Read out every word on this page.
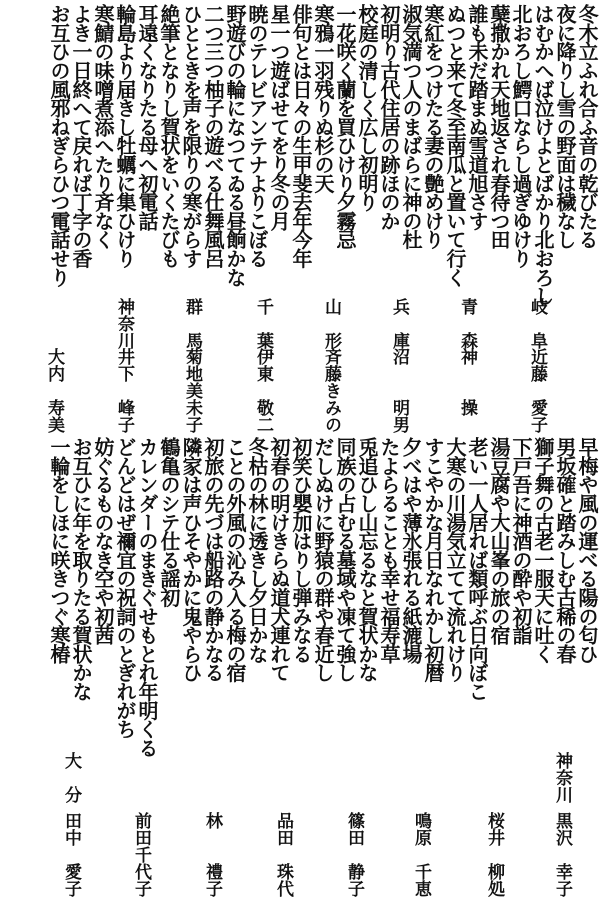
冬木立ふれ合ふ音の乾びたる
夜に降りし雪の野面は穢なし
はむかへば泣けよとばかり北おろし
北おろし鰐口ならし過ぎゆけり
蘖撒かれ天地返され春待つ田
誰も未だ踏まぬ雪道旭さす
ぬつと来て冬至南瓜と置いて行く
寒紅をつけたる妻の艶めけり
淑気満つ人のまばらに神の杜
初明り古代住居の跡ほのか
校庭の清しく広し初明り
一花咲く蘭を買ひけり夕霧忌
寒鴉一羽残りぬ杉の天
俳句とは日々の生甲斐去年今年
星一つ遊ばせてをり冬の月
暁のテレビアンテナよりこぼる
野遊びの輪になつてゐる昼餉かな
二つ三つ柚子の遊べる仕舞風呂
ひとときを声を限りの寒がらす
絶筆となりし賀状をいくたびも
耳遠くなりたる母へ初電話
輪島より届きし牡蠣に集ひけり
寒鯖の味噌煮添へたり斉なく
よき一日終へて戻れば丁字の香
お互ひの風邪ねぎらひつ電話せり
岐　阜
近藤　愛子
青　森
神　　操
兵　庫
沼　　明男
山　形
斉藤きみの
千　葉
伊東　敬二
群　馬
菊地美未子
神奈川
井下　峰子
大内　寿美
早梅や風の運べる陽の匂ひ
男坂確と踏みしむ古稀の春
獅子舞の古老一服天に吐く
下戸吾に神酒の酔や初詣
湯豆腐や大山峯の旅の宿
老い一人居れば類呼ぶ日向ぼこ
大寒の川湯気立てて流れけり
すこやかな月日なれかし初暦
夕べはや薄氷張れる紙漉場
たよらることも幸せ福寿草
兎追ひし山忘るなと賀状かな
同族の占むる墓域や凍て強し
だしぬけに野猿の群や春近し
初笑ひ嬰加はりし弾みなる
初春の明けきらぬ道犬連れて
冬枯の林に透きし夕日かな
ことの外風の沁み入る梅の宿
初旅の先づは船路の静かなる
隣家は声ひそやかに鬼やらひ
鶴亀のシテ仕る謡初
カレンダーのまきぐせもとれ年明くる
どんどはぜ禰宜の祝詞のとぎれがち
妨ぐるものなき空や初茜
お互ひに年を取りたる賀状かな
一輪をしほに咲きつぐ寒椿
神奈川
黒沢　幸子
桜井　柳処
鳴原　千恵
篠田　静子
品田　珠代
林　　禮子
前田千代子
大　分
田中　愛子
